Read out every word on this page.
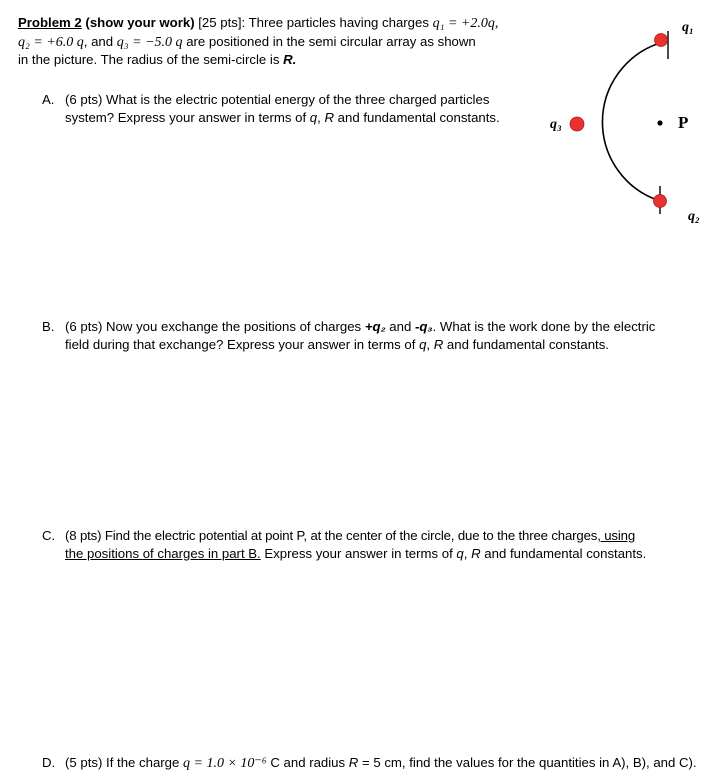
Problem 2 (show your work) [25 pts]: Three particles having charges q₁ = +2.0q,
q₂ = +6.0 q, and q₃ = −5.0 q are positioned in the semi circular array as shown
in the picture. The radius of the semi-circle is R.
A. (6 pts) What is the electric potential energy of the three charged particles
system? Express your answer in terms of q, R and fundamental constants.
q₁
q₂
q₃	P
B. (6 pts) Now you exchange the positions of charges +q₂ and -q₃. What is the work done by the electric
field during that exchange? Express your answer in terms of q, R and fundamental constants.
C. (8 pts) Find the electric potential at point P, at the center of the circle, due to the three charges, using
the positions of charges in part B. Express your answer in terms of q, R and fundamental constants.
D. (5 pts) If the charge q = 1.0 × 10⁻⁶ C and radius R = 5 cm, find the values for the quantities in A), B), and C).
